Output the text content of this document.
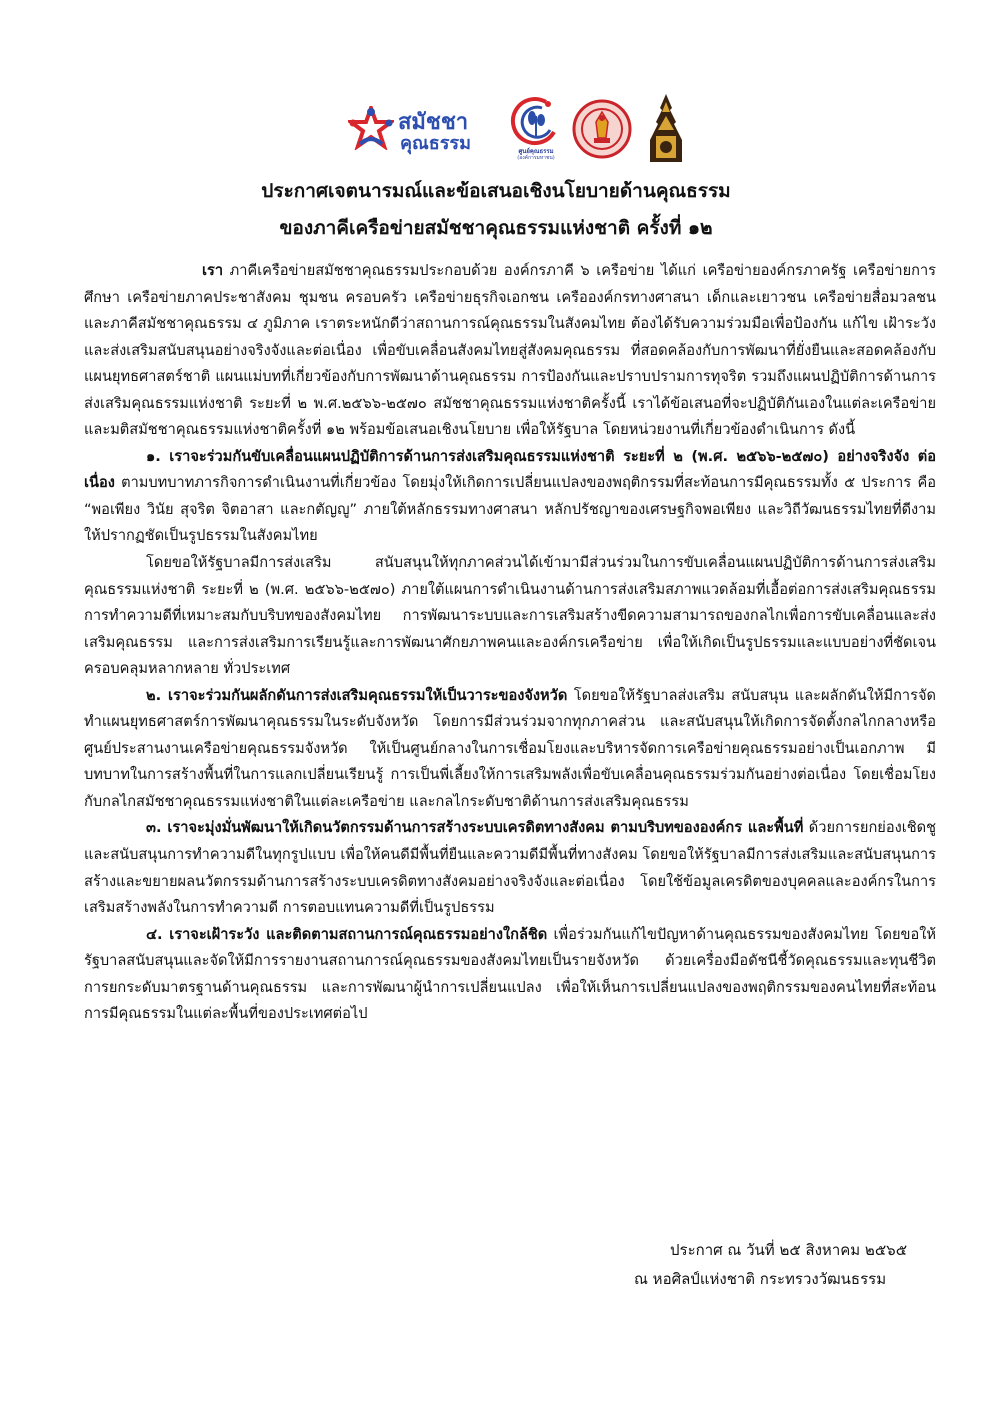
สมัชชา
คุณธรรม	ศูนย์คุณธรรม
(องค์การมหาชน)
ประกาศเจตนารมณ์และข้อเสนอเชิงนโยบายด้านคุณธรรม
ของภาคีเครือข่ายสมัชชาคุณธรรมแห่งชาติ ครั้งที่ ๑๒

เรา ภาคีเครือข่ายสมัชชาคุณธรรมประกอบด้วย องค์กรภาคี ๖ เครือข่าย ได้แก่ เครือข่ายองค์กรภาครัฐ เครือข่ายการศึกษา เครือข่ายภาคประชาสังคม ชุมชน ครอบครัว เครือข่ายธุรกิจเอกชน เครือองค์กรทางศาสนา เด็กและเยาวชน เครือข่ายสื่อมวลชน และภาคีสมัชชาคุณธรรม ๔ ภูมิภาค เราตระหนักดีว่าสถานการณ์คุณธรรมในสังคมไทย ต้องได้รับความร่วมมือเพื่อป้องกัน แก้ไข เฝ้าระวัง และส่งเสริมสนับสนุนอย่างจริงจังและต่อเนื่อง เพื่อขับเคลื่อนสังคมไทยสู่สังคมคุณธรรม ที่สอดคล้องกับการพัฒนาที่ยั่งยืนและสอดคล้องกับแผนยุทธศาสตร์ชาติ แผนแม่บทที่เกี่ยวข้องกับการพัฒนาด้านคุณธรรม การป้องกันและปราบปรามการทุจริต รวมถึงแผนปฏิบัติการด้านการส่งเสริมคุณธรรมแห่งชาติ ระยะที่ ๒ พ.ศ.๒๕๖๖-๒๕๗๐ สมัชชาคุณธรรมแห่งชาติครั้งนี้ เราได้ข้อเสนอที่จะปฏิบัติกันเองในแต่ละเครือข่าย และมติสมัชชาคุณธรรมแห่งชาติครั้งที่ ๑๒ พร้อมข้อเสนอเชิงนโยบาย เพื่อให้รัฐบาล โดยหน่วยงานที่เกี่ยวข้องดำเนินการ ดังนี้

๑. เราจะร่วมกันขับเคลื่อนแผนปฏิบัติการด้านการส่งเสริมคุณธรรมแห่งชาติ ระยะที่ ๒ (พ.ศ. ๒๕๖๖-๒๕๗๐) อย่างจริงจัง ต่อเนื่อง ตามบทบาทภารกิจการดำเนินงานที่เกี่ยวข้อง โดยมุ่งให้เกิดการเปลี่ยนแปลงของพฤติกรรมที่สะท้อนการมีคุณธรรมทั้ง ๕ ประการ คือ “พอเพียง วินัย สุจริต จิตอาสา และกตัญญู” ภายใต้หลักธรรมทางศาสนา หลักปรัชญาของเศรษฐกิจพอเพียง และวิถีวัฒนธรรมไทยที่ดีงาม ให้ปรากฏชัดเป็นรูปธรรมในสังคมไทย

โดยขอให้รัฐบาลมีการส่งเสริม สนับสนุนให้ทุกภาคส่วนได้เข้ามามีส่วนร่วมในการขับเคลื่อนแผนปฏิบัติการด้านการส่งเสริมคุณธรรมแห่งชาติ ระยะที่ ๒ (พ.ศ. ๒๕๖๖-๒๕๗๐) ภายใต้แผนการดำเนินงานด้านการส่งเสริมสภาพแวดล้อมที่เอื้อต่อการส่งเสริมคุณธรรมการทำความดีที่เหมาะสมกับบริบทของสังคมไทย การพัฒนาระบบและการเสริมสร้างขีดความสามารถของกลไกเพื่อการขับเคลื่อนและส่งเสริมคุณธรรม และการส่งเสริมการเรียนรู้และการพัฒนาศักยภาพคนและองค์กรเครือข่าย เพื่อให้เกิดเป็นรูปธรรมและแบบอย่างที่ชัดเจน ครอบคลุมหลากหลาย ทั่วประเทศ

๒. เราจะร่วมกันผลักดันการส่งเสริมคุณธรรมให้เป็นวาระของจังหวัด โดยขอให้รัฐบาลส่งเสริม สนับสนุน และผลักดันให้มีการจัดทำแผนยุทธศาสตร์การพัฒนาคุณธรรมในระดับจังหวัด โดยการมีส่วนร่วมจากทุกภาคส่วน และสนับสนุนให้เกิดการจัดตั้งกลไกกลางหรือศูนย์ประสานงานเครือข่ายคุณธรรมจังหวัด ให้เป็นศูนย์กลางในการเชื่อมโยงและบริหารจัดการเครือข่ายคุณธรรมอย่างเป็นเอกภาพ มีบทบาทในการสร้างพื้นที่ในการแลกเปลี่ยนเรียนรู้ การเป็นพี่เลี้ยงให้การเสริมพลังเพื่อขับเคลื่อนคุณธรรมร่วมกันอย่างต่อเนื่อง โดยเชื่อมโยงกับกลไกสมัชชาคุณธรรมแห่งชาติในแต่ละเครือข่าย และกลไกระดับชาติด้านการส่งเสริมคุณธรรม

๓. เราจะมุ่งมั่นพัฒนาให้เกิดนวัตกรรมด้านการสร้างระบบเครดิตทางสังคม ตามบริบทขององค์กร และพื้นที่ ด้วยการยกย่องเชิดชู และสนับสนุนการทำความดีในทุกรูปแบบ เพื่อให้คนดีมีพื้นที่ยืนและความดีมีพื้นที่ทางสังคม โดยขอให้รัฐบาลมีการส่งเสริมและสนับสนุนการสร้างและขยายผลนวัตกรรมด้านการสร้างระบบเครดิตทางสังคมอย่างจริงจังและต่อเนื่อง โดยใช้ข้อมูลเครดิตของบุคคลและองค์กรในการเสริมสร้างพลังในการทำความดี การตอบแทนความดีที่เป็นรูปธรรม

๔. เราจะเฝ้าระวัง และติดตามสถานการณ์คุณธรรมอย่างใกล้ชิด เพื่อร่วมกันแก้ไขปัญหาด้านคุณธรรมของสังคมไทย โดยขอให้รัฐบาลสนับสนุนและจัดให้มีการรายงานสถานการณ์คุณธรรมของสังคมไทยเป็นรายจังหวัด ด้วยเครื่องมือดัชนีชี้วัดคุณธรรมและทุนชีวิต การยกระดับมาตรฐานด้านคุณธรรม และการพัฒนาผู้นำการเปลี่ยนแปลง เพื่อให้เห็นการเปลี่ยนแปลงของพฤติกรรมของคนไทยที่สะท้อนการมีคุณธรรมในแต่ละพื้นที่ของประเทศต่อไป

ประกาศ ณ วันที่ ๒๕ สิงหาคม ๒๕๖๕
ณ หอศิลป์แห่งชาติ กระทรวงวัฒนธรรม
